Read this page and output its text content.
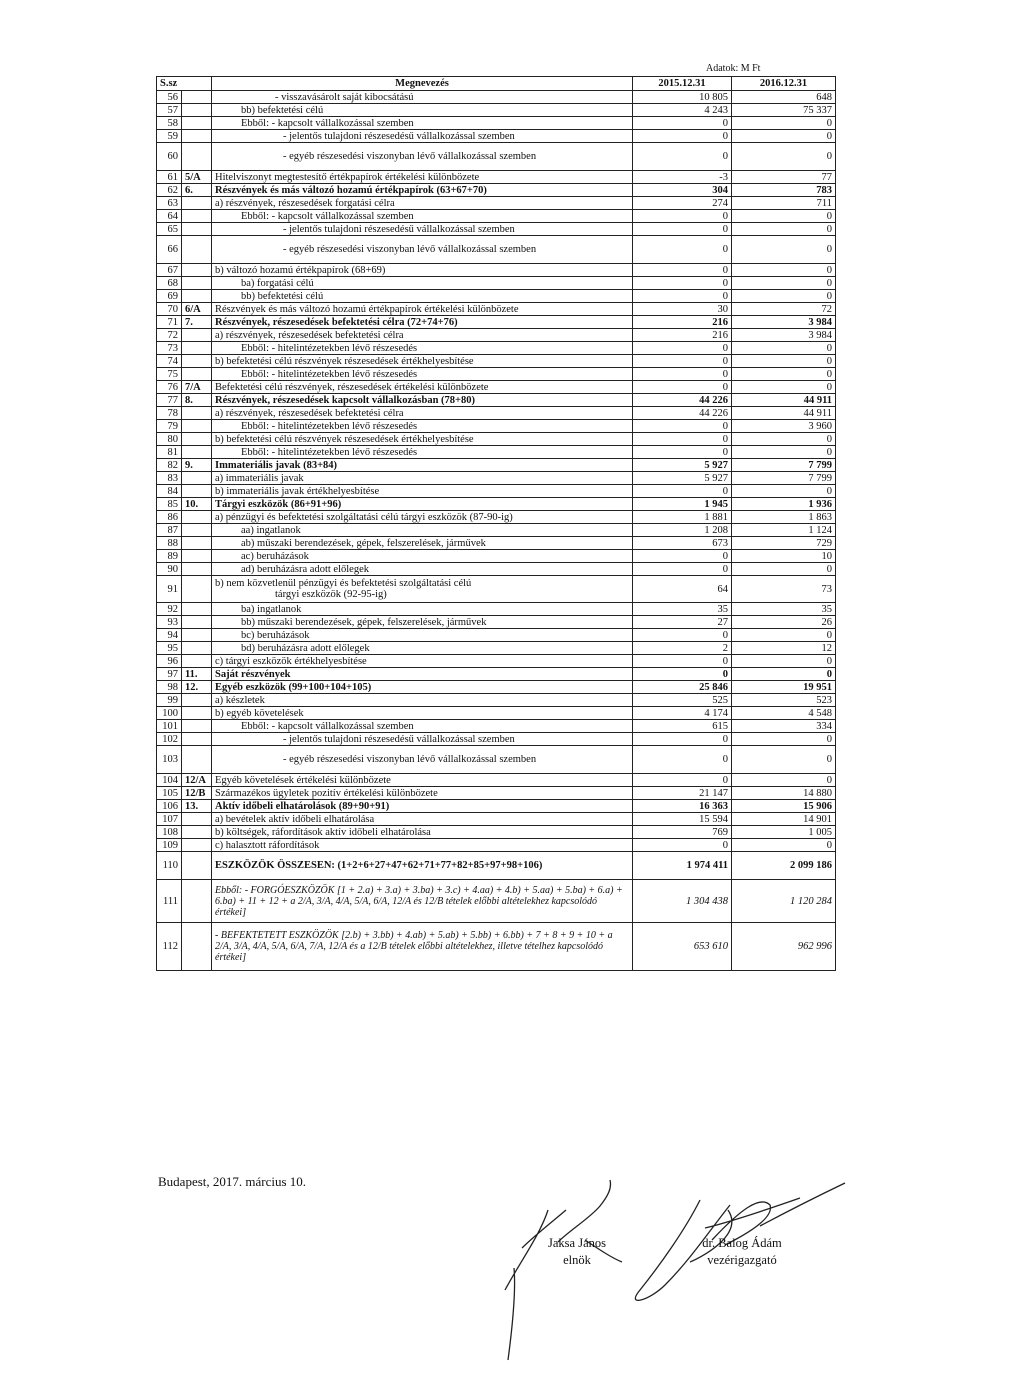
Adatok: M Ft
S.sz		Megnevezés	2015.12.31	2016.12.31
56		- visszavásárolt saját kibocsátású	10 805	648
57		bb) befektetési célú	4 243	75 337
58		Ebből: - kapcsolt vállalkozással szemben	0	0
59		- jelentős tulajdoni részesedésű vállalkozással szemben	0	0
60		- egyéb részesedési viszonyban lévő vállalkozással szemben	0	0
61	5/A	Hitelviszonyt megtestesítő értékpapírok értékelési különbözete	-3	77
62	6.	Részvények és más változó hozamú értékpapírok (63+67+70)	304	783
63		a) részvények, részesedések forgatási célra	274	711
64		Ebből: - kapcsolt vállalkozással szemben	0	0
65		- jelentős tulajdoni részesedésű vállalkozással szemben	0	0
66		- egyéb részesedési viszonyban lévő vállalkozással szemben	0	0
67		b) változó hozamú értékpapírok (68+69)	0	0
68		ba) forgatási célú	0	0
69		bb) befektetési célú	0	0
70	6/A	Részvények és más változó hozamú értékpapírok értékelési különbözete	30	72
71	7.	Részvények, részesedések befektetési célra (72+74+76)	216	3 984
72		a) részvények, részesedések befektetési célra	216	3 984
73		Ebből: - hitelintézetekben lévő részesedés	0	0
74		b) befektetési célú részvények részesedések értékhelyesbítése	0	0
75		Ebből: - hitelintézetekben lévő részesedés	0	0
76	7/A	Befektetési célú részvények, részesedések értékelési különbözete	0	0
77	8.	Részvények, részesedések kapcsolt vállalkozásban (78+80)	44 226	44 911
78		a) részvények, részesedések befektetési célra	44 226	44 911
79		Ebből: - hitelintézetekben lévő részesedés	0	3 960
80		b) befektetési célú részvények részesedések értékhelyesbítése	0	0
81		Ebből: - hitelintézetekben lévő részesedés	0	0
82	9.	Immateriális javak (83+84)	5 927	7 799
83		a) immateriális javak	5 927	7 799
84		b) immateriális javak értékhelyesbítése	0	0
85	10.	Tárgyi eszközök (86+91+96)	1 945	1 936
86		a) pénzügyi és befektetési szolgáltatási célú tárgyi eszközök (87-90-ig)	1 881	1 863
87		aa) ingatlanok	1 208	1 124
88		ab) műszaki berendezések, gépek, felszerelések, járművek	673	729
89		ac) beruházások	0	10
90		ad) beruházásra adott előlegek	0	0
91		b) nem közvetlenül pénzügyi és befektetési szolgáltatási célú
tárgyi eszközök (92-95-ig)	64	73
92		ba) ingatlanok	35	35
93		bb) műszaki berendezések, gépek, felszerelések, járművek	27	26
94		bc) beruházások	0	0
95		bd) beruházásra adott előlegek	2	12
96		c) tárgyi eszközök értékhelyesbítése	0	0
97	11.	Saját részvények	0	0
98	12.	Egyéb eszközök (99+100+104+105)	25 846	19 951
99		a) készletek	525	523
100		b) egyéb követelések	4 174	4 548
101		Ebből: - kapcsolt vállalkozással szemben	615	334
102		- jelentős tulajdoni részesedésű vállalkozással szemben	0	0
103		- egyéb részesedési viszonyban lévő vállalkozással szemben	0	0
104	12/A	Egyéb követelések értékelési különbözete	0	0
105	12/B	Származékos ügyletek pozitív értékelési különbözete	21 147	14 880
106	13.	Aktív időbeli elhatárolások (89+90+91)	16 363	15 906
107		a) bevételek aktív időbeli elhatárolása	15 594	14 901
108		b) költségek, ráfordítások aktív időbeli elhatárolása	769	1 005
109		c) halasztott ráfordítások	0	0
110		ESZKÖZÖK ÖSSZESEN: (1+2+6+27+47+62+71+77+82+85+97+98+106)	1 974 411	2 099 186
111		Ebből: - FORGÓESZKÖZÖK [1 + 2.a) + 3.a) + 3.ba) + 3.c) + 4.aa) + 4.b) + 5.aa) + 5.ba) + 6.a) + 6.ba) + 11 + 12 + a 2/A, 3/A, 4/A, 5/A, 6/A, 12/A és 12/B tételek előbbi altételekhez kapcsolódó értékei]	1 304 438	1 120 284
112		- BEFEKTETETT ESZKÖZÖK [2.b) + 3.bb) + 4.ab) + 5.ab) + 5.bb) + 6.bb) + 7 + 8 + 9 + 10 + a 2/A, 3/A, 4/A, 5/A, 6/A, 7/A, 12/A és a 12/B tételek előbbi altételekhez, illetve tételhez kapcsolódó értékei]	653 610	962 996
Budapest, 2017. március 10.
Jaksa János
elnök
dr. Balog Ádám
vezérigazgató
